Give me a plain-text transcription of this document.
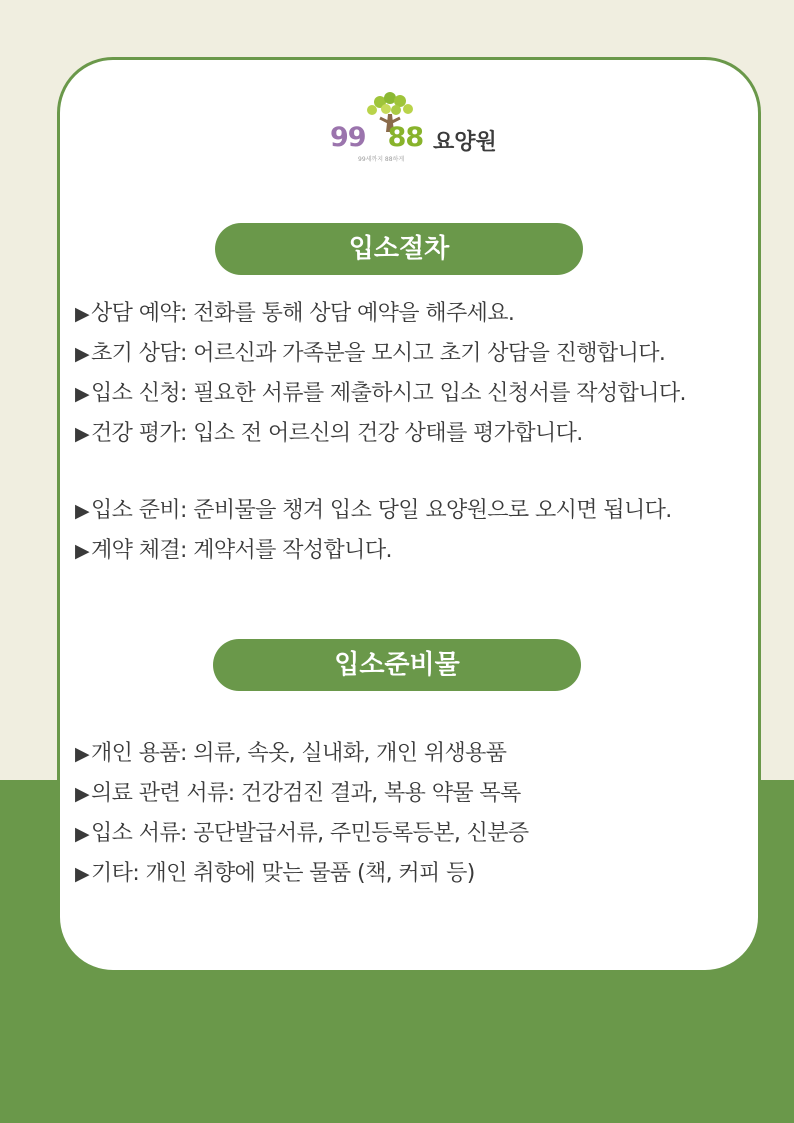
99 88 요양원
99세까지 88하게
입소절차
▶상담 예약: 전화를 통해 상담 예약을 해주세요.
▶초기 상담: 어르신과 가족분을 모시고 초기 상담을 진행합니다.
▶입소 신청: 필요한 서류를 제출하시고 입소 신청서를 작성합니다.
▶건강 평가: 입소 전 어르신의 건강 상태를 평가합니다.
▶입소 준비: 준비물을 챙겨 입소 당일 요양원으로 오시면 됩니다.
▶계약 체결: 계약서를 작성합니다.
입소준비물
▶개인 용품: 의류, 속옷, 실내화, 개인 위생용품
▶의료 관련 서류: 건강검진 결과, 복용 약물 목록
▶입소 서류: 공단발급서류, 주민등록등본, 신분증
▶기타: 개인 취향에 맞는 물품 (책, 커피 등)
